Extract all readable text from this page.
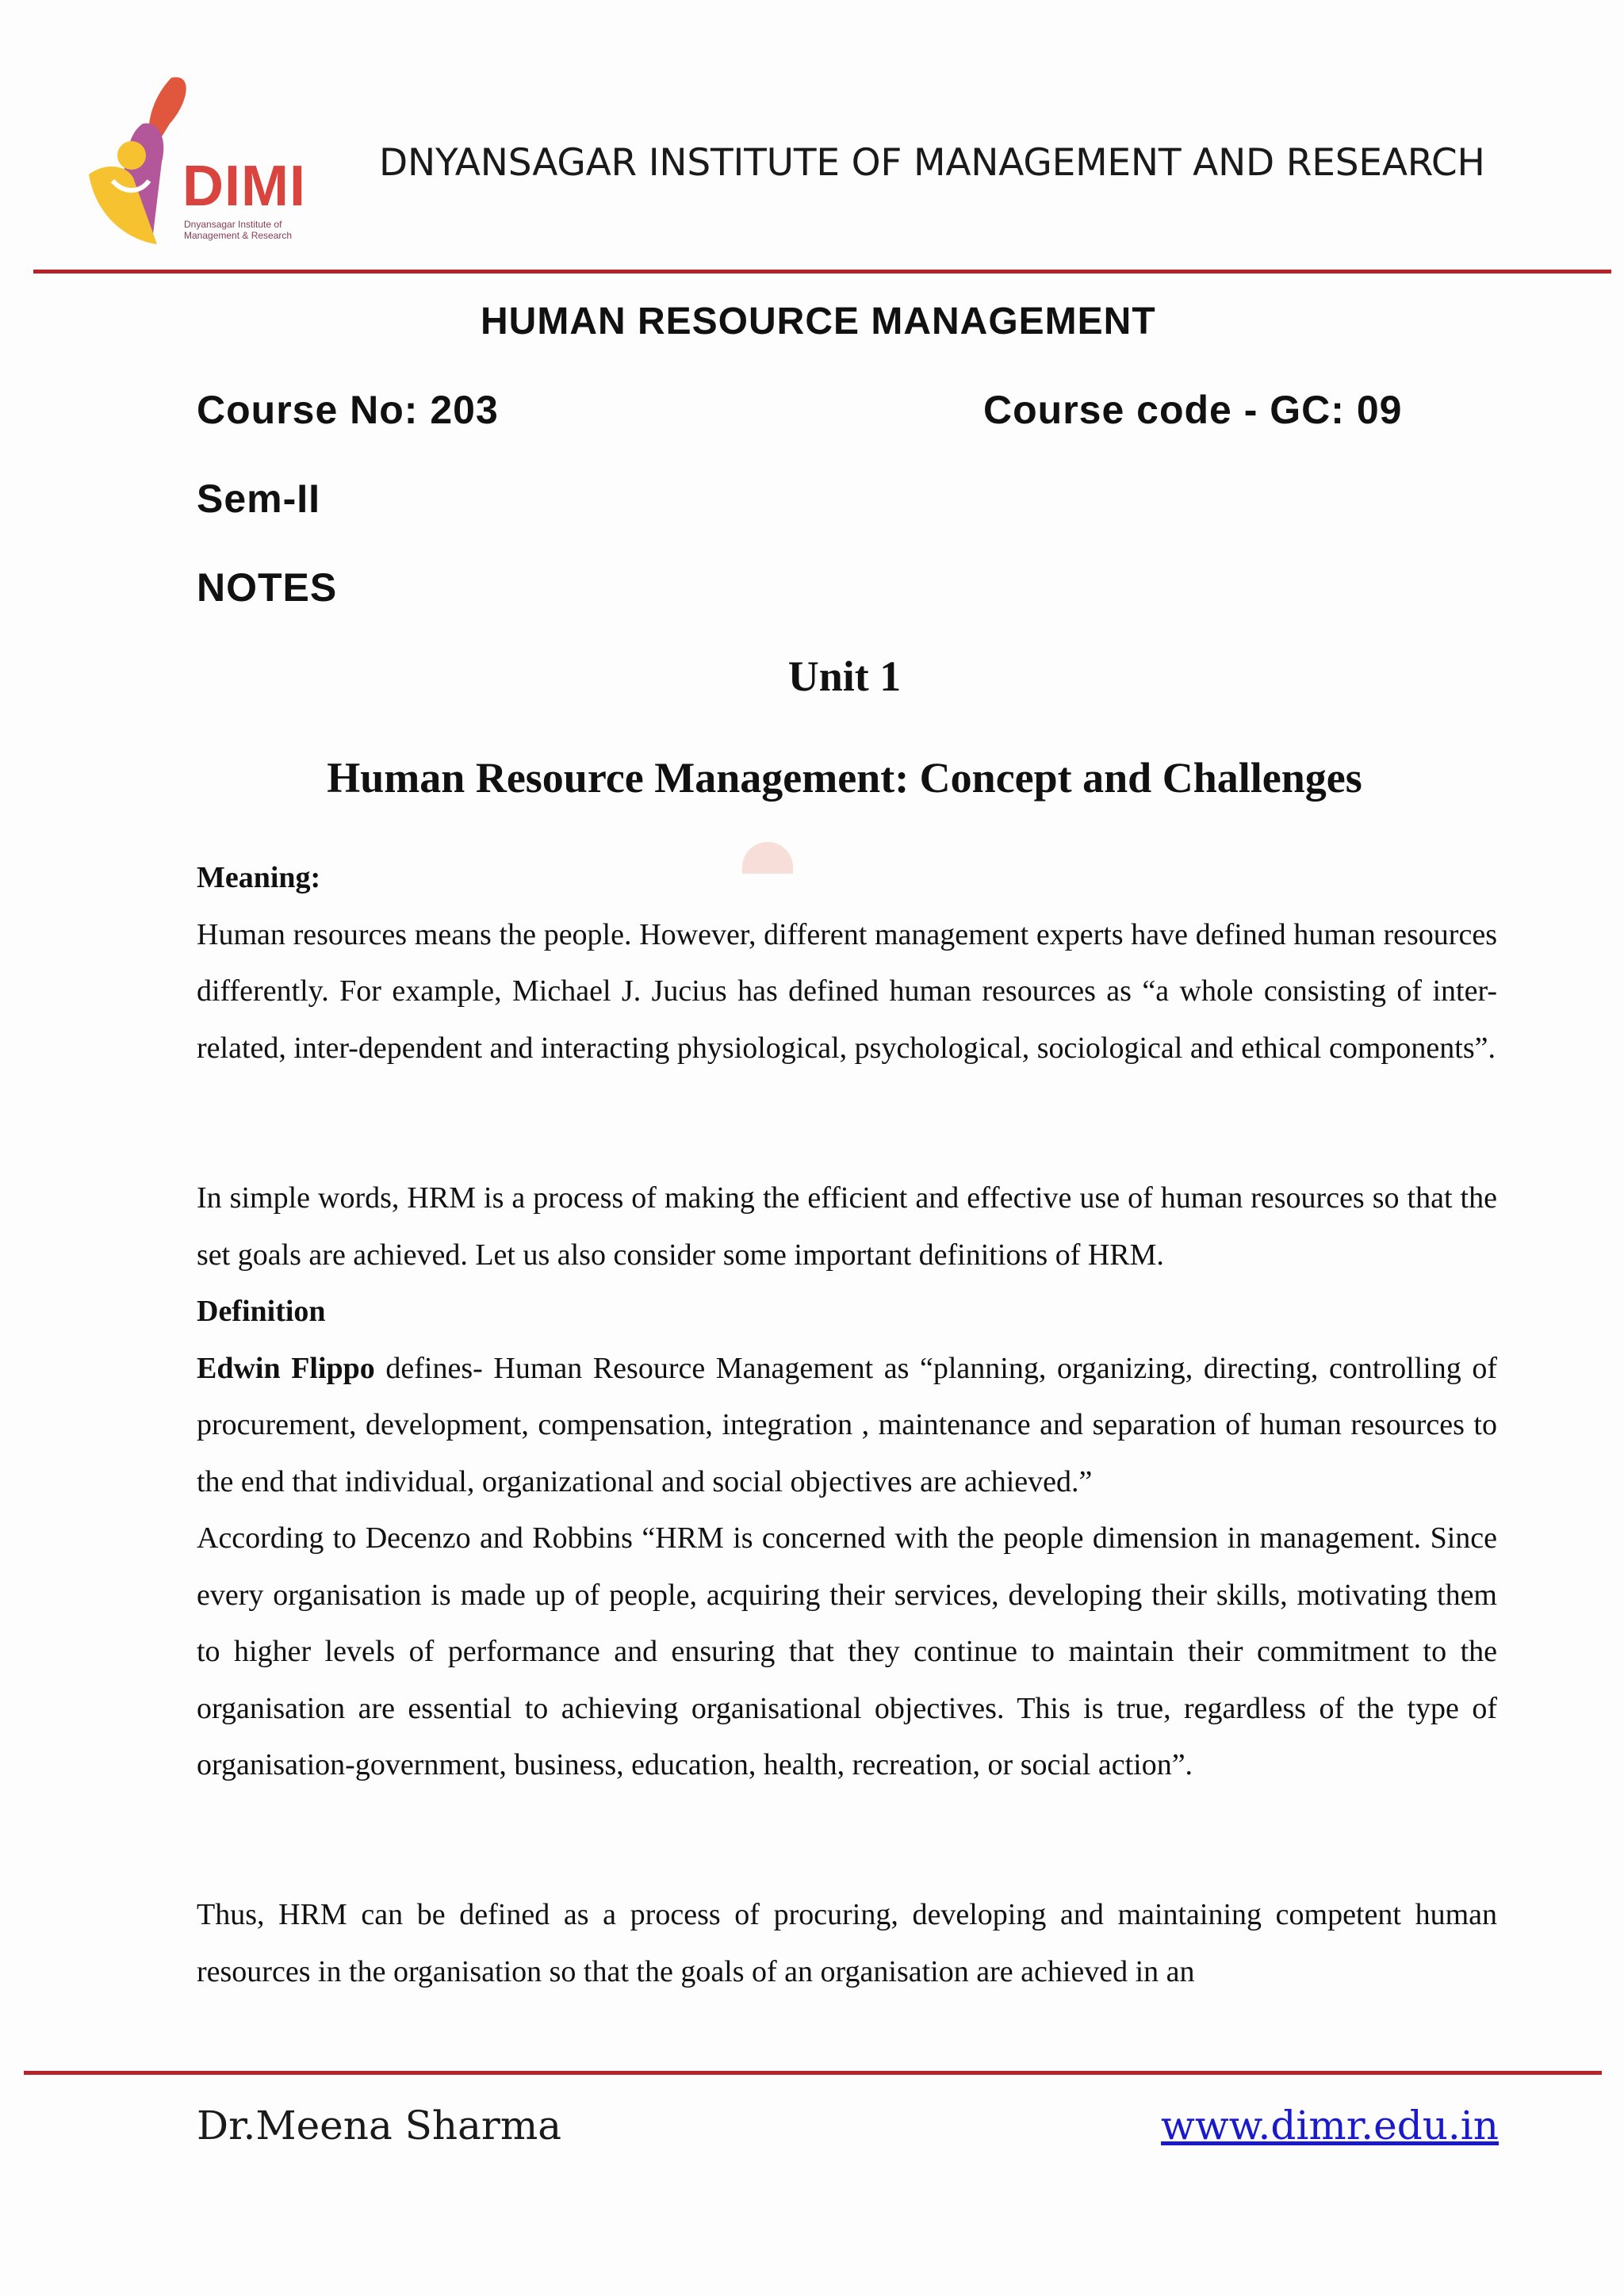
DIMI
Dnyansagar Institute of Management & Research
DNYANSAGAR INSTITUTE OF MANAGEMENT AND RESEARCH
HUMAN RESOURCE MANAGEMENT
Course No: 203	Course code - GC: 09
Sem-II
NOTES
Unit 1
Human Resource Management: Concept and Challenges

Meaning:

Human resources means the people. However, different management experts have defined human resources differently. For example, Michael J. Jucius has defined human resources as “a whole consisting of inter-related, inter-dependent and interacting physiological, psychological, sociological and ethical components”.

In simple words, HRM is a process of making the efficient and effective use of human resources so that the set goals are achieved. Let us also consider some important definitions of HRM.

Definition

Edwin Flippo defines- Human Resource Management as “planning, organizing, directing, controlling of procurement, development, compensation, integration , maintenance and separation of human resources to the end that individual, organizational and social objectives are achieved.”

According to Decenzo and Robbins “HRM is concerned with the people dimension in management. Since every organisation is made up of people, acquiring their services, developing their skills, motivating them to higher levels of performance and ensuring that they continue to maintain their commitment to the organisation are essential to achieving organisational objectives. This is true, regardless of the type of organisation-government, business, education, health, recreation, or social action”.

Thus, HRM can be defined as a process of procuring, developing and maintaining competent human resources in the organisation so that the goals of an organisation are achieved in an

Dr.Meena Sharma	www.dimr.edu.in
